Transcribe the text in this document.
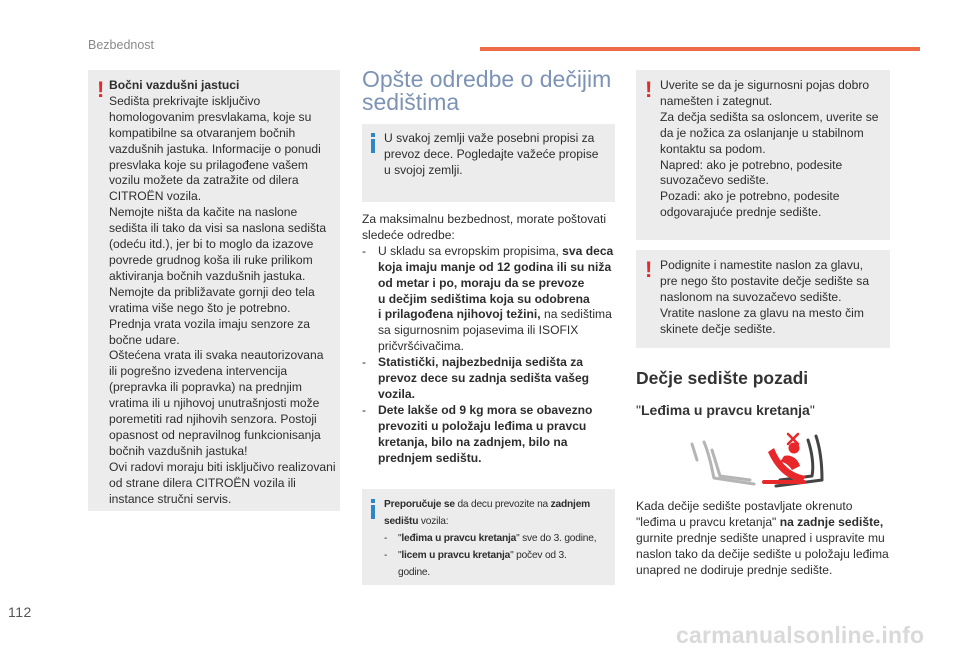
Bezbednost
! Bočni vazdušni jastuci
Sedišta prekrivajte isključivo
homologovanim presvlakama, koje su
kompatibilne sa otvaranjem bočnih
vazdušnih jastuka. Informacije o ponudi
presvlaka koje su prilagođene vašem
vozilu možete da zatražite od dilera
CITROËN vozila.
Nemojte ništa da kačite na naslone
sedišta ili tako da visi sa naslona sedišta
(odeću itd.), jer bi to moglo da izazove
povrede grudnog koša ili ruke prilikom
aktiviranja bočnih vazdušnih jastuka.
Nemojte da približavate gornji deo tela
vratima više nego što je potrebno.
Prednja vrata vozila imaju senzore za
bočne udare.
Oštećena vrata ili svaka neautorizovana
ili pogrešno izvedena intervencija
(prepravka ili popravka) na prednjim
vratima ili u njihovoj unutrašnjosti može
poremetiti rad njihovih senzora. Postoji
opasnost od nepravilnog funkcionisanja
bočnih vazdušnih jastuka!
Ovi radovi moraju biti isključivo realizovani
od strane dilera CITROËN vozila ili
instance stručni servis.
Opšte odredbe o dečijim
sedištima
U svakoj zemlji važe posebni propisi za
prevoz dece. Pogledajte važeće propise
u svojoj zemlji.
Za maksimalnu bezbednost, morate poštovati
sledeće odredbe:
- U skladu sa evropskim propisima, sva deca
koja imaju manje od 12 godina ili su niža
od metar i po, moraju da se prevoze
u dečjim sedištima koja su odobrena
i prilagođena njihovoj težini, na sedištima
sa sigurnosnim pojasevima ili ISOFIX
pričvršćivačima.
- Statistički, najbezbednija sedišta za
prevoz dece su zadnja sedišta vašeg
vozila.
- Dete lakše od 9 kg mora se obavezno
prevoziti u položaju leđima u pravcu
kretanja, bilo na zadnjem, bilo na
prednjem sedištu.
Preporučuje se da decu prevozite na zadnjem
sedištu vozila:
- "leđima u pravcu kretanja" sve do 3. godine,
- "licem u pravcu kretanja" počev od 3.
godine.
! Uverite se da je sigurnosni pojas dobro
namešten i zategnut.
Za dečja sedišta sa osloncem, uverite se
da je nožica za oslanjanje u stabilnom
kontaktu sa podom.
Napred: ako je potrebno, podesite
suvozačevo sedište.
Pozadi: ako je potrebno, podesite
odgovarajuće prednje sedište.
! Podignite i namestite naslon za glavu,
pre nego što postavite dečje sedište sa
naslonom na suvozačevo sedište.
Vratite naslone za glavu na mesto čim
skinete dečje sedište.
Dečje sedište pozadi
"Leđima u pravcu kretanja"
Kada dečije sedište postavljate okrenuto
"leđima u pravcu kretanja" na zadnje sedište,
gurnite prednje sedište unapred i uspravite mu
naslon tako da dečije sedište u položaju leđima
unapred ne dodiruje prednje sedište.
112
carmanualsonline.info
